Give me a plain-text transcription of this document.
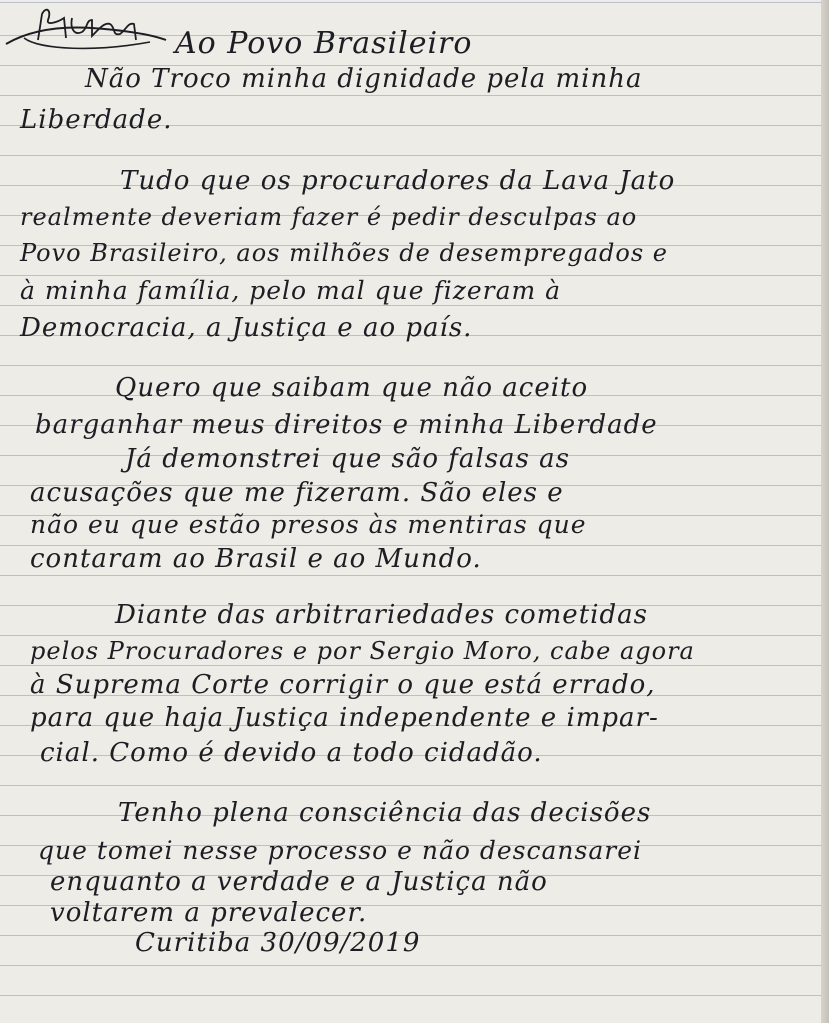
Ao Povo Brasileiro
Não Troco minha dignidade pela minha
Liberdade.
Tudo que os procuradores da Lava Jato
realmente deveriam fazer é pedir desculpas ao
Povo Brasileiro, aos milhões de desempregados e
à minha família, pelo mal que fizeram à
Democracia, a Justiça e ao país.
Quero que saibam que não aceito
barganhar meus direitos e minha Liberdade
Já demonstrei que são falsas as
acusações que me fizeram. São eles e
não eu que estão presos às mentiras que
contaram ao Brasil e ao Mundo.
Diante das arbitrariedades cometidas
pelos Procuradores e por Sergio Moro, cabe agora
à Suprema Corte corrigir o que está errado,
para que haja Justiça independente e impar-
cial. Como é devido a todo cidadão.
Tenho plena consciência das decisões
que tomei nesse processo e não descansarei
enquanto a verdade e a Justiça não
voltarem a prevalecer.
Curitiba 30/09/2019
